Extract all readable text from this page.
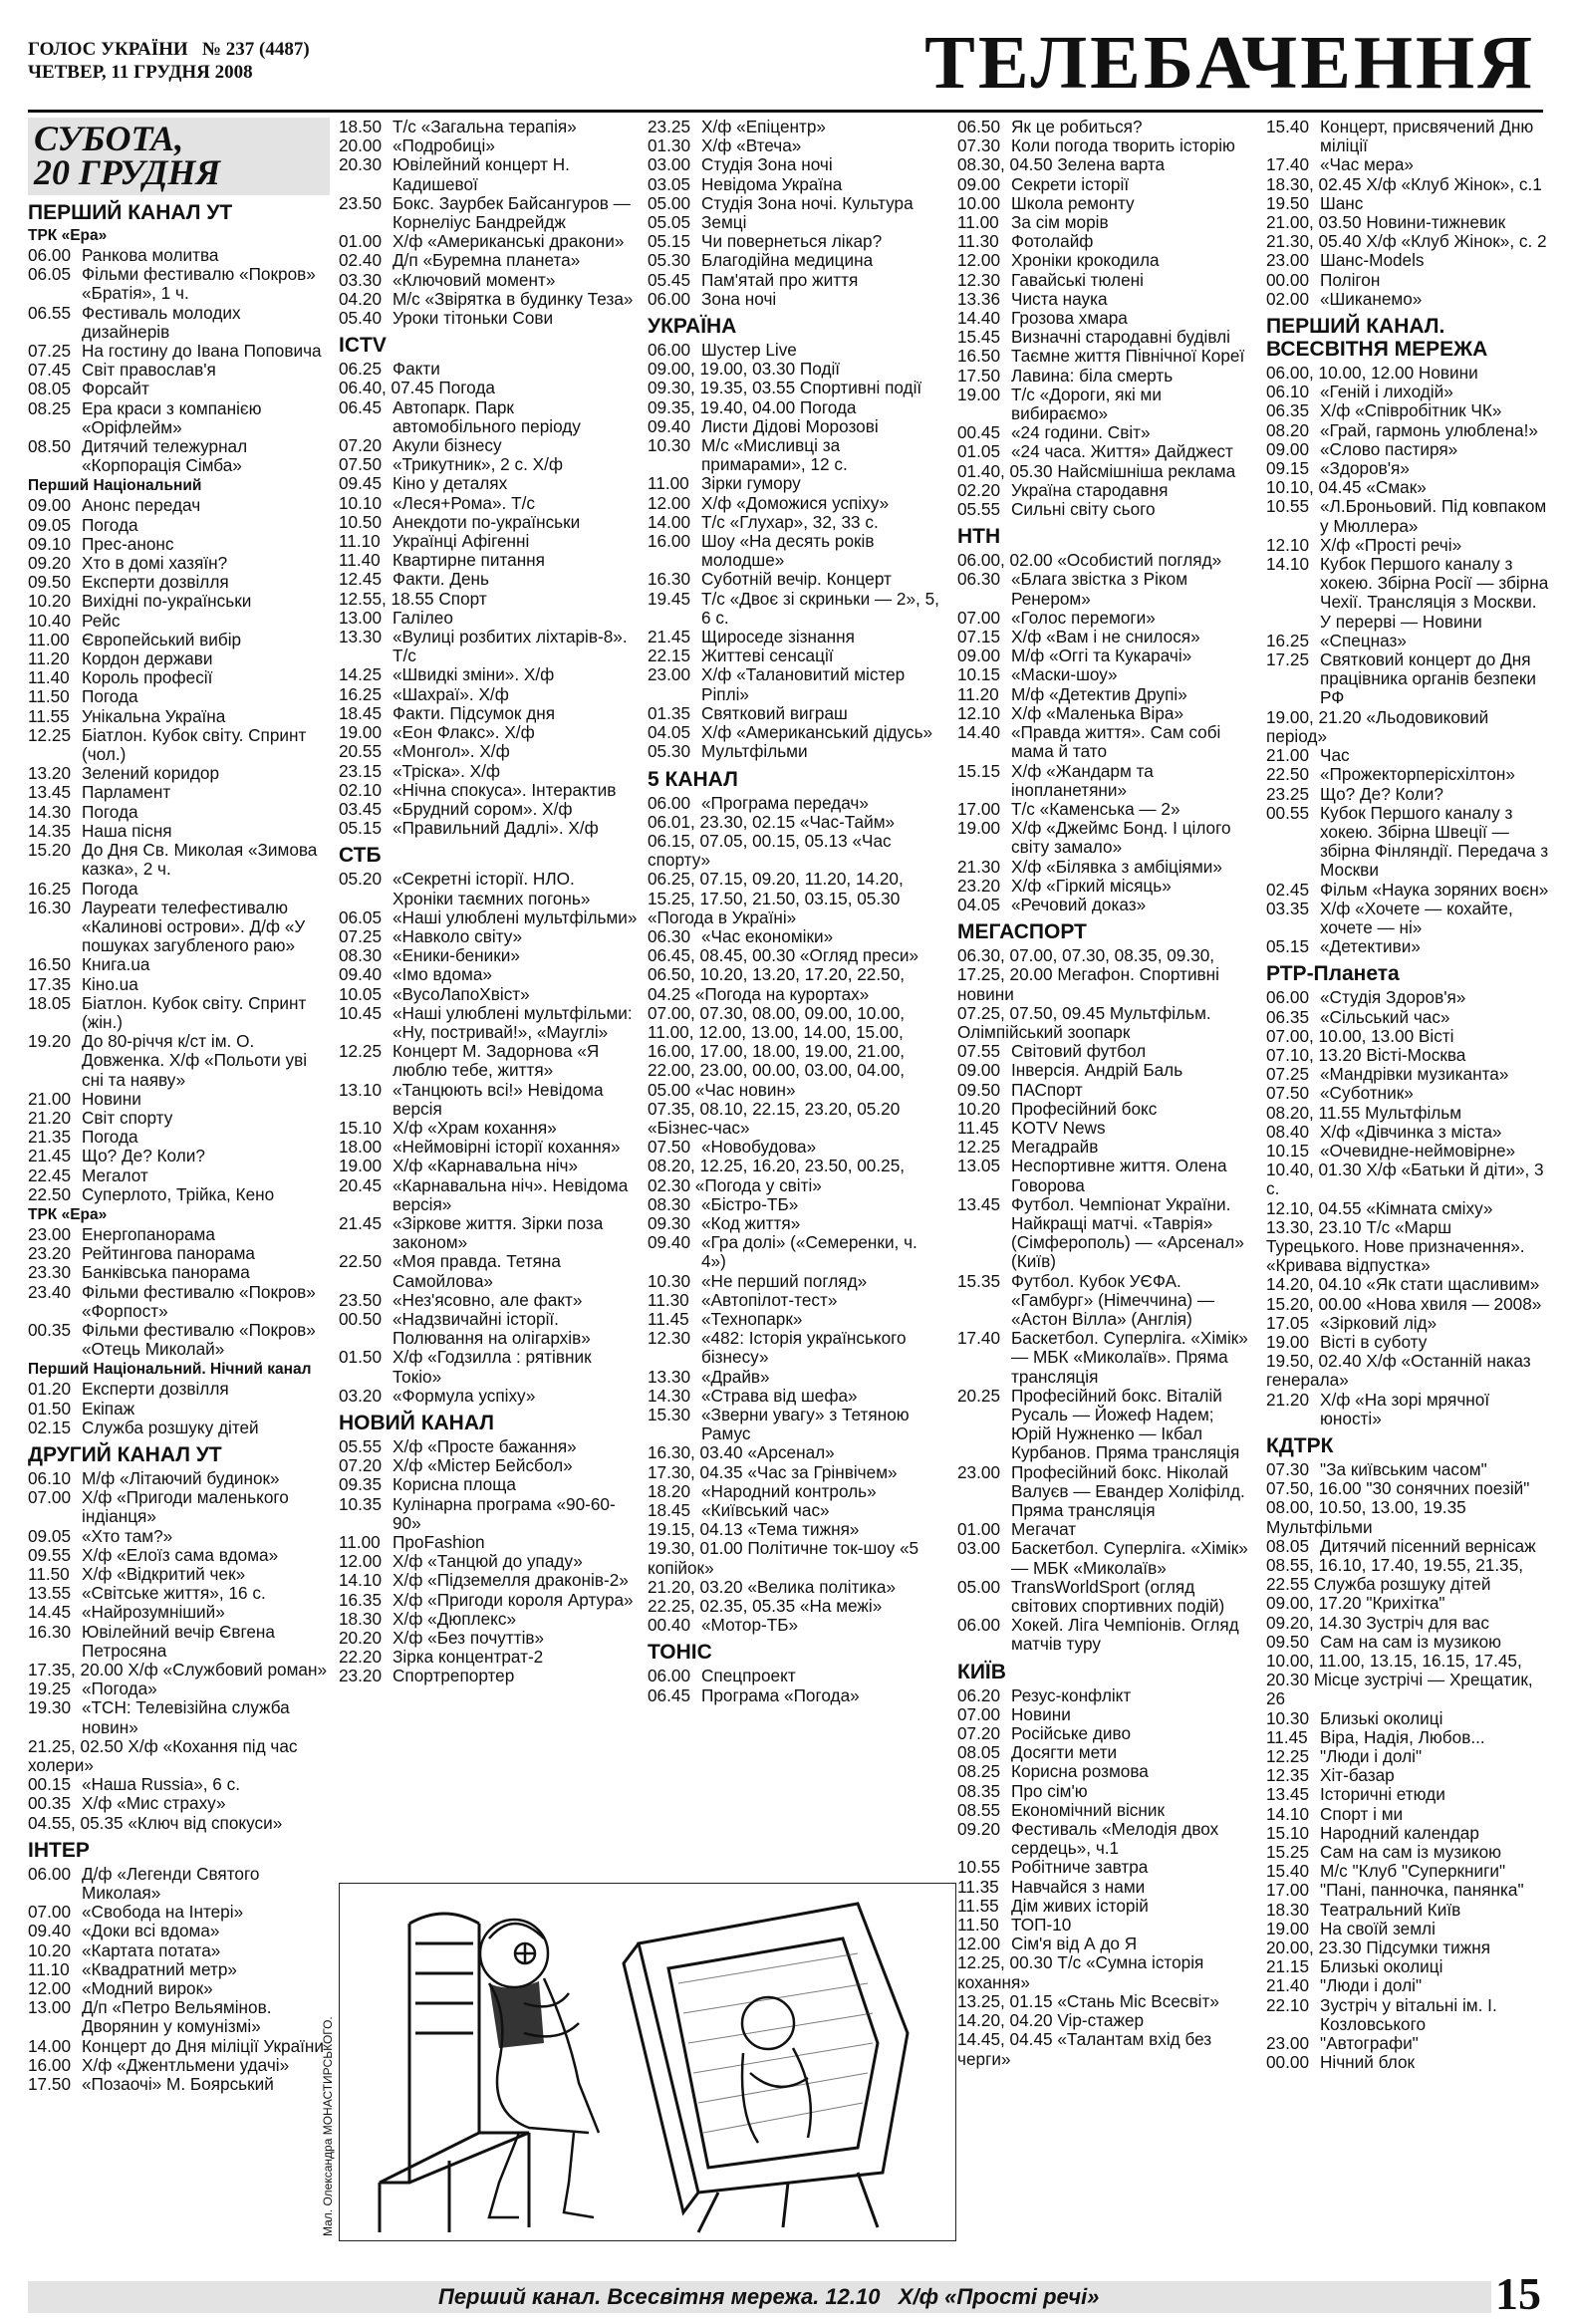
ГОЛОС УКРАЇНИ   № 237 (4487)
ЧЕТВЕР, 11 ГРУДНЯ 2008	ТЕЛЕБАЧЕННЯ
СУБОТА,
20 ГРУДНЯ
ПЕРШИЙ КАНАЛ УТ
ТРК «Ера»
06.00 Ранкова молитва
06.05 Фільми фестивалю «Покров» «Братія», 1 ч.
06.55 Фестиваль молодих дизайнерів
07.25 На гостину до Івана Поповича
07.45 Світ православ'я
08.05 Форсайт
08.25 Ера краси з компанією «Оріфлейм»
08.50 Дитячий тележурнал «Корпорація Сімба»
Перший Національний
09.00 Анонс передач
09.05 Погода
09.10 Прес-анонс
09.20 Хто в домі хазяїн?
09.50 Експерти дозвілля
10.20 Вихідні по-українськи
10.40 Рейс
11.00 Європейський вибір
11.20 Кордон держави
11.40 Король професії
11.50 Погода
11.55 Унікальна Україна
12.25 Біатлон. Кубок світу. Спринт (чол.)
13.20 Зелений коридор
13.45 Парламент
14.30 Погода
14.35 Наша пісня
15.20 До Дня Св. Миколая «Зимова казка», 2 ч.
16.25 Погода
16.30 Лауреати телефестивалю «Калинові острови». Д/ф «У пошуках загубленого раю»
16.50 Книга.ua
17.35 Кіно.ua
18.05 Біатлон. Кубок світу. Спринт (жін.)
19.20 До 80-річчя к/ст ім. О. Довженка. Х/ф «Польоти уві сні та наяву»
21.00 Новини
21.20 Світ спорту
21.35 Погода
21.45 Що? Де? Коли?
22.45 Мегалот
22.50 Суперлото, Трійка, Кено
ТРК «Ера»
23.00 Енергопанорама
23.20 Рейтингова панорама
23.30 Банківська панорама
23.40 Фільми фестивалю «Покров» «Форпост»
00.35 Фільми фестивалю «Покров» «Отець Миколай»
Перший Національний. Нічний канал
01.20 Експерти дозвілля
01.50 Екіпаж
02.15 Служба розшуку дітей
ДРУГИЙ КАНАЛ УТ
06.10 М/ф «Літаючий будинок»
07.00 Х/ф «Пригоди маленького індіанця»
09.05 «Хто там?»
09.55 Х/ф «Елоїз сама вдома»
11.50 Х/ф «Відкритий чек»
13.55 «Світське життя», 16 с.
14.45 «Найрозумніший»
16.30 Ювілейний вечір Євгена Петросяна
17.35, 20.00 Х/ф «Службовий роман»
19.25 «Погода»
19.30 «ТСН: Телевізійна служба новин»
21.25, 02.50 Х/ф «Кохання під час холери»
00.15 «Наша Russia», 6 с.
00.35 Х/ф «Мис страху»
04.55, 05.35 «Ключ від спокуси»
ІНТЕР
06.00 Д/ф «Легенди Святого Миколая»
07.00 «Свобода на Інтері»
09.40 «Доки всі вдома»
10.20 «Картата потата»
11.10 «Квадратний метр»
12.00 «Модний вирок»
13.00 Д/п «Петро Вельямінов. Дворянин у комунізмі»
14.00 Концерт до Дня міліції України
16.00 Х/ф «Джентльмени удачі»
17.50 «Позаочі» М. Боярський
18.50 Т/с «Загальна терапія»
20.00 «Подробиці»
20.30 Ювілейний концерт Н. Кадишевої
23.50 Бокс. Заурбек Байсангуров — Корнеліус Бандрейдж
01.00 Х/ф «Американські дракони»
02.40 Д/п «Буремна планета»
03.30 «Ключовий момент»
04.20 М/с «Звірятка в будинку Теза»
05.40 Уроки тітоньки Сови
ICTV
06.25 Факти
06.40, 07.45 Погода
06.45 Автопарк. Парк автомобільного періоду
07.20 Акули бізнесу
07.50 «Трикутник», 2 с. Х/ф
09.45 Кіно у деталях
10.10 «Леся+Рома». Т/с
10.50 Анекдоти по-українськи
11.10 Українці Афігенні
11.40 Квартирне питання
12.45 Факти. День
12.55, 18.55 Спорт
13.00 Галілео
13.30 «Вулиці розбитих ліхтарів-8». Т/с
14.25 «Швидкі зміни». Х/ф
16.25 «Шахраї». Х/ф
18.45 Факти. Підсумок дня
19.00 «Еон Флакс». Х/ф
20.55 «Монгол». Х/ф
23.15 «Тріска». Х/ф
02.10 «Нічна спокуса». Інтерактив
03.45 «Брудний сором». Х/ф
05.15 «Правильний Дадлі». Х/ф
СТБ
05.20 «Секретні історії. НЛО. Хроніки таємних погонь»
06.05 «Наші улюблені мультфільми»
07.25 «Навколо світу»
08.30 «Еники-беники»
09.40 «Імо вдома»
10.05 «ВусоЛапоХвіст»
10.45 «Наші улюблені мультфільми: «Ну, постривай!», «Мауглі»
12.25 Концерт М. Задорнова «Я люблю тебе, життя»
13.10 «Танцюють всі!» Невідома версія
15.10 Х/ф «Храм кохання»
18.00 «Неймовірні історії кохання»
19.00 Х/ф «Карнавальна ніч»
20.45 «Карнавальна ніч». Невідома версія»
21.45 «Зіркове життя. Зірки поза законом»
22.50 «Моя правда. Тетяна Самойлова»
23.50 «Нез'ясовно, але факт»
00.50 «Надзвичайні історії. Полювання на олігархів»
01.50 Х/ф «Годзилла : рятівник Токіо»
03.20 «Формула успіху»
НОВИЙ КАНАЛ
05.55 Х/ф «Просте бажання»
07.20 Х/ф «Містер Бейсбол»
09.35 Корисна площа
10.35 Кулінарна програма «90-60-90»
11.00 ПроFashion
12.00 Х/ф «Танцюй до упаду»
14.10 Х/ф «Підземелля драконів-2»
16.35 Х/ф «Пригоди короля Артура»
18.30 Х/ф «Дюплекс»
20.20 Х/ф «Без почуттів»
22.20 Зірка концентрат-2
23.20 Спортрепортер
23.25 Х/ф «Епіцентр»
01.30 Х/ф «Втеча»
03.00 Студія Зона ночі
03.05 Невідома Україна
05.00 Студія Зона ночі. Культура
05.05 Земці
05.15 Чи повернеться лікар?
05.30 Благодійна медицина
05.45 Пам'ятай про життя
06.00 Зона ночі
УКРАЇНА
06.00 Шустер Live
09.00, 19.00, 03.30 Події
09.30, 19.35, 03.55 Спортивні події
09.35, 19.40, 04.00 Погода
09.40 Листи Дідові Морозові
10.30 М/с «Мисливці за примарами», 12 с.
11.00 Зірки гумору
12.00 Х/ф «Доможися успіху»
14.00 Т/с «Глухар», 32, 33 с.
16.00 Шоу «На десять років молодше»
16.30 Суботній вечір. Концерт
19.45 Т/с «Двоє зі скриньки — 2», 5, 6 с.
21.45 Щироседе зізнання
22.15 Життеві сенсації
23.00 Х/ф «Талановитий містер Ріплі»
01.35 Святковий виграш
04.05 Х/ф «Американський дідусь»
05.30 Мультфільми
5 КАНАЛ
06.00 «Програма передач»
06.01, 23.30, 02.15 «Час-Тайм»
06.15, 07.05, 00.15, 05.13 «Час спорту»
06.25, 07.15, 09.20, 11.20, 14.20, 15.25, 17.50, 21.50, 03.15, 05.30 «Погода в Україні»
06.30 «Час економіки»
06.45, 08.45, 00.30 «Огляд преси»
06.50, 10.20, 13.20, 17.20, 22.50, 04.25 «Погода на курортах»
07.00, 07.30, 08.00, 09.00, 10.00, 11.00, 12.00, 13.00, 14.00, 15.00, 16.00, 17.00, 18.00, 19.00, 21.00, 22.00, 23.00, 00.00, 03.00, 04.00, 05.00 «Час новин»
07.35, 08.10, 22.15, 23.20, 05.20 «Бізнес-час»
07.50 «Новобудова»
08.20, 12.25, 16.20, 23.50, 00.25, 02.30 «Погода у світі»
08.30 «Бістро-ТБ»
09.30 «Код життя»
09.40 «Гра долі» («Семеренки, ч. 4»)
10.30 «Не перший погляд»
11.30 «Автопілот-тест»
11.45 «Технопарк»
12.30 «482: Історія українського бізнесу»
13.30 «Драйв»
14.30 «Страва від шефа»
15.30 «Зверни увагу» з Тетяною Рамус
16.30, 03.40 «Арсенал»
17.30, 04.35 «Час за Грінвічем»
18.20 «Народний контроль»
18.45 «Київський час»
19.15, 04.13 «Тема тижня»
19.30, 01.00 Політичне ток-шоу «5 копійок»
21.20, 03.20 «Велика політика»
22.25, 02.35, 05.35 «На межі»
00.40 «Мотор-ТБ»
ТОНІС
06.00 Спецпроект
06.45 Програма «Погода»
06.50 Як це робиться?
07.30 Коли погода творить історію
08.30, 04.50 Зелена варта
09.00 Секрети історії
10.00 Школа ремонту
11.00 За сім морів
11.30 Фотолайф
12.00 Хроніки крокодила
12.30 Гавайські тюлені
13.36 Чиста наука
14.40 Грозова хмара
15.45 Визначні стародавні будівлі
16.50 Таємне життя Північної Кореї
17.50 Лавина: біла смерть
19.00 Т/с «Дороги, які ми вибираємо»
00.45 «24 години. Світ»
01.05 «24 часа. Життя» Дайджест
01.40, 05.30 Найсмішніша реклама
02.20 Україна стародавня
05.55 Сильні світу сього
НТН
06.00, 02.00 «Особистий погляд»
06.30 «Блага звістка з Ріком Ренером»
07.00 «Голос перемоги»
07.15 Х/ф «Вам і не снилося»
09.00 М/ф «Оггі та Кукарачі»
10.15 «Маски-шоу»
11.20 М/ф «Детектив Друпі»
12.10 Х/ф «Маленька Віра»
14.40 «Правда життя». Сам собі мама й тато
15.15 Х/ф «Жандарм та інопланетяни»
17.00 Т/с «Каменська — 2»
19.00 Х/ф «Джеймс Бонд. І цілого світу замало»
21.30 Х/ф «Білявка з амбіціями»
23.20 Х/ф «Гіркий місяць»
04.05 «Речовий доказ»
МЕГАСПОРТ
06.30, 07.00, 07.30, 08.35, 09.30, 17.25, 20.00 Мегафон. Спортивні новини
07.25, 07.50, 09.45 Мультфільм. Олімпійський зоопарк
07.55 Світовий футбол
09.00 Інверсія. Андрій Баль
09.50 ПАСпорт
10.20 Професійний бокс
11.45 KOTV News
12.25 Мегадрайв
13.05 Неспортивне життя. Олена Говорова
13.45 Футбол. Чемпіонат України. Найкращі матчі. «Таврія» (Сімферополь) — «Арсенал» (Київ)
15.35 Футбол. Кубок УЄФА. «Гамбург» (Німеччина) — «Астон Вілла» (Англія)
17.40 Баскетбол. Суперліга. «Хімік» — МБК «Миколаїв». Пряма трансляція
20.25 Професійний бокс. Віталій Русаль — Йожеф Надем; Юрій Нужненко — Ікбал Курбанов. Пряма трансляція
23.00 Професійний бокс. Ніколай Валуєв — Евандер Холіфілд. Пряма трансляція
01.00 Мегачат
03.00 Баскетбол. Суперліга. «Хімік» — МБК «Миколаїв»
05.00 TransWorldSport (огляд світових спортивних подій)
06.00 Хокей. Ліга Чемпіонів. Огляд матчів туру
КИЇВ
06.20 Резус-конфлікт
07.00 Новини
07.20 Російське диво
08.05 Досягти мети
08.25 Корисна розмова
08.35 Про сім'ю
08.55 Економічний вісник
09.20 Фестиваль «Мелодія двох сердець», ч.1
10.55 Робітниче завтра
11.35 Навчайся з нами
11.55 Дім живих історій
11.50 ТОП-10
12.00 Сім'я від А до Я
12.25, 00.30 Т/с «Сумна історія кохання»
13.25, 01.15 «Стань Міс Всесвіт»
14.20, 04.20 Vip-стажер
14.45, 04.45 «Талантам вхід без черги»
15.40 Концерт, присвячений Дню міліції
17.40 «Час мера»
18.30, 02.45 Х/ф «Клуб Жінок», с.1
19.50 Шанс
21.00, 03.50 Новини-тижневик
21.30, 05.40 Х/ф «Клуб Жінок», с. 2
23.00 Шанс-Models
00.00 Полігон
02.00 «Шиканемо»
ПЕРШИЙ КАНАЛ. ВСЕСВІТНЯ МЕРЕЖА
06.00, 10.00, 12.00 Новини
06.10 «Геній і лиходій»
06.35 Х/ф «Співробітник ЧК»
08.20 «Грай, гармонь улюблена!»
09.00 «Слово пастиря»
09.15 «Здоров'я»
10.10, 04.45 «Смак»
10.55 «Л.Броньовий. Під ковпаком у Мюллера»
12.10 Х/ф «Прості речі»
14.10 Кубок Першого каналу з хокею. Збірна Росії — збірна Чехії. Трансляція з Москви. У перерві — Новини
16.25 «Спецназ»
17.25 Святковий концерт до Дня працівника органів безпеки РФ
19.00, 21.20 «Льодовиковий період»
21.00 Час
22.50 «Прожекторперісхілтон»
23.25 Що? Де? Коли?
00.55 Кубок Першого каналу з хокею. Збірна Швеції — збірна Фінляндії. Передача з Москви
02.45 Фільм «Наука зоряних воєн»
03.35 Х/ф «Хочете — кохайте, хочете — ні»
05.15 «Детективи»
РТР-Планета
06.00 «Студія Здоров'я»
06.35 «Сільський час»
07.00, 10.00, 13.00 Вісті
07.10, 13.20 Вісті-Москва
07.25 «Мандрівки музиканта»
07.50 «Суботник»
08.20, 11.55 Мультфільм
08.40 Х/ф «Дівчинка з міста»
10.15 «Очевидне-неймовірне»
10.40, 01.30 Х/ф «Батьки й діти», 3 с.
12.10, 04.55 «Кімната сміху»
13.30, 23.10 Т/с «Марш Турецького. Нове призначення». «Кривава відпустка»
14.20, 04.10 «Як стати щасливим»
15.20, 00.00 «Нова хвиля — 2008»
17.05 «Зірковий лід»
19.00 Вісті в суботу
19.50, 02.40 Х/ф «Останній наказ генерала»
21.20 Х/ф «На зорі мрячної юності»
КДТРК
07.30 "За київським часом"
07.50, 16.00 "30 сонячних поезій"
08.00, 10.50, 13.00, 19.35 Мультфільми
08.05 Дитячий пісенний вернісаж
08.55, 16.10, 17.40, 19.55, 21.35, 22.55 Служба розшуку дітей
09.00, 17.20 "Крихітка"
09.20, 14.30 Зустріч для вас
09.50 Сам на сам із музикою
10.00, 11.00, 13.15, 16.15, 17.45, 20.30 Місце зустрічі — Хрещатик, 26
10.30 Близькі околиці
11.45 Віра, Надія, Любов...
12.25 "Люди і долі"
12.35 Хіт-базар
13.45 Історичні етюди
14.10 Спорт і ми
15.10 Народний календар
15.25 Сам на сам із музикою
15.40 М/с "Клуб "Суперкниги"
17.00 "Пані, панночка, панянка"
18.30 Театральний Київ
19.00 На своїй землі
20.00, 23.30 Підсумки тижня
21.15 Близькі околиці
21.40 "Люди і долі"
22.10 Зустріч у вітальні ім. І. Козловського
23.00 "Автографи"
00.00 Нічний блок
Мал. Олександра МОНАСТИРСЬКОГО.
Перший канал. Всесвітня мережа. 12.10   Х/ф «Прості речі»	15
